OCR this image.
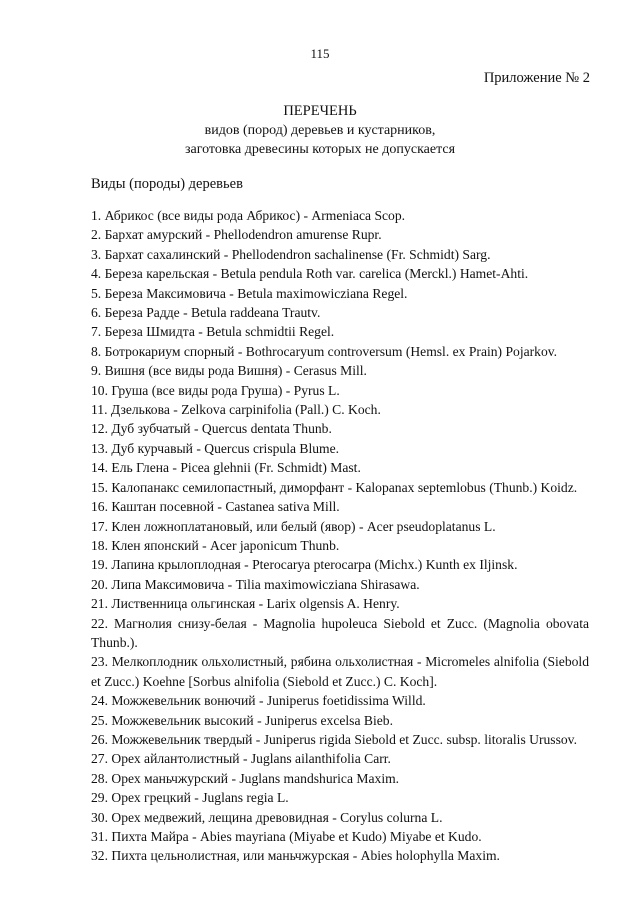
115
Приложение № 2
ПЕРЕЧЕНЬ
видов (пород) деревьев и кустарников,
заготовка древесины которых не допускается
Виды (породы) деревьев
1. Абрикос (все виды рода Абрикос) - Armeniaca Scop.
2. Бархат амурский - Phellodendron amurense Rupr.
3. Бархат сахалинский - Phellodendron sachalinense (Fr. Schmidt) Sarg.
4. Береза карельская - Betula pendula Roth var. carelica (Merckl.) Hamet-Ahti.
5. Береза Максимовича - Betula maximowicziana Regel.
6. Береза Радде - Betula raddeana Trautv.
7. Береза Шмидта - Betula schmidtii Regel.
8. Ботрокариум спорный - Bothrocaryum controversum (Hemsl. ex Prain) Pojarkov.
9. Вишня (все виды рода Вишня) - Cerasus Mill.
10. Груша (все виды рода Груша) - Pyrus L.
11. Дзелькова - Zelkova carpinifolia (Pall.) C. Koch.
12. Дуб зубчатый - Quercus dentata Thunb.
13. Дуб курчавый - Quercus crispula Blume.
14. Ель Глена - Picea glehnii (Fr. Schmidt) Mast.
15. Калопанакс семилопастный, диморфант - Kalopanax septemlobus (Thunb.) Koidz.
16. Каштан посевной - Castanea sativa Mill.
17. Клен ложноплатановый, или белый (явор) - Acer pseudoplatanus L.
18. Клен японский - Acer japonicum Thunb.
19. Лапина крылоплодная - Pterocarya pterocarpa (Michx.) Kunth ex Iljinsk.
20. Липа Максимовича - Tilia maximowicziana Shirasawa.
21. Лиственница ольгинская - Larix olgensis A. Henry.
22. Магнолия снизу-белая - Magnolia hupoleuca Siebold et Zucc. (Magnolia obovata Thunb.).
23. Мелкоплодник ольхолистный, рябина ольхолистная - Micromeles alnifolia (Siebold et Zucc.) Koehne [Sorbus alnifolia (Siebold et Zucc.) C. Koch].
24. Можжевельник вонючий - Juniperus foetidissima Willd.
25. Можжевельник высокий - Juniperus excelsa Bieb.
26. Можжевельник твердый - Juniperus rigida Siebold et Zucc. subsp. litoralis Urussov.
27. Орех айлантолистный - Juglans ailanthifolia Carr.
28. Орех маньчжурский - Juglans mandshurica Maxim.
29. Орех грецкий - Juglans regia L.
30. Орех медвежий, лещина древовидная - Corylus colurna L.
31. Пихта Майра - Abies mayriana (Miyabe et Kudo) Miyabe et Kudo.
32. Пихта цельнолистная, или маньчжурская - Abies holophylla Maxim.
